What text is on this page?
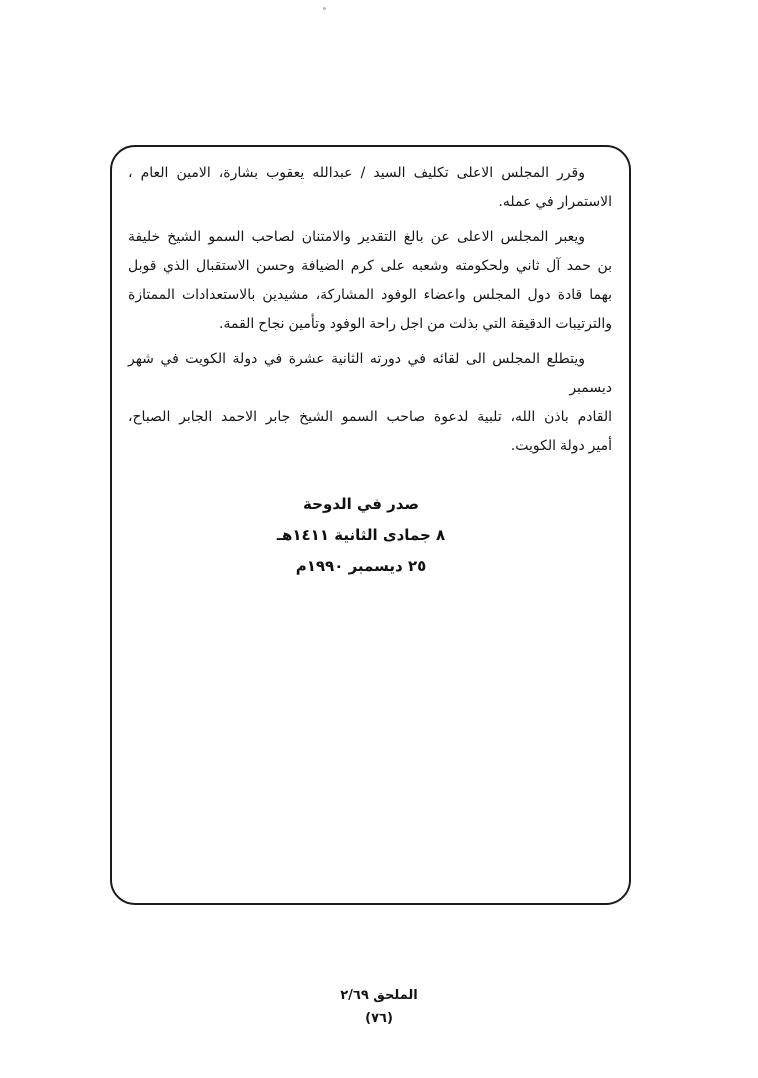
وقرر المجلس الاعلى تكليف السيد / عبدالله يعقوب بشارة، الامين العام ،
الاستمرار في عمله.
ويعبر المجلس الاعلى عن بالغ التقدير والامتنان لصاحب السمو الشيخ خليفة
بن حمد آل ثاني ولحكومته وشعبه على كرم الضيافة وحسن الاستقبال الذي قوبل
بهما قادة دول المجلس واعضاء الوفود المشاركة، مشيدين بالاستعدادات الممتازة
والترتيبات الدقيقة التي بذلت من اجل راحة الوفود وتأمين نجاح القمة.
ويتطلع المجلس الى لقائه في دورته الثانية عشرة في دولة الكويت في شهر ديسمبر
القادم باذن الله، تلبية لدعوة صاحب السمو الشيخ جابر الاحمد الجابر الصباح،
أمير دولة الكويت.
صدر في الدوحة
٨ جمادى الثانية ١٤١١هـ
٢٥ ديسمبر ١٩٩٠م
الملحق ٢/٦٩
(٧٦)
